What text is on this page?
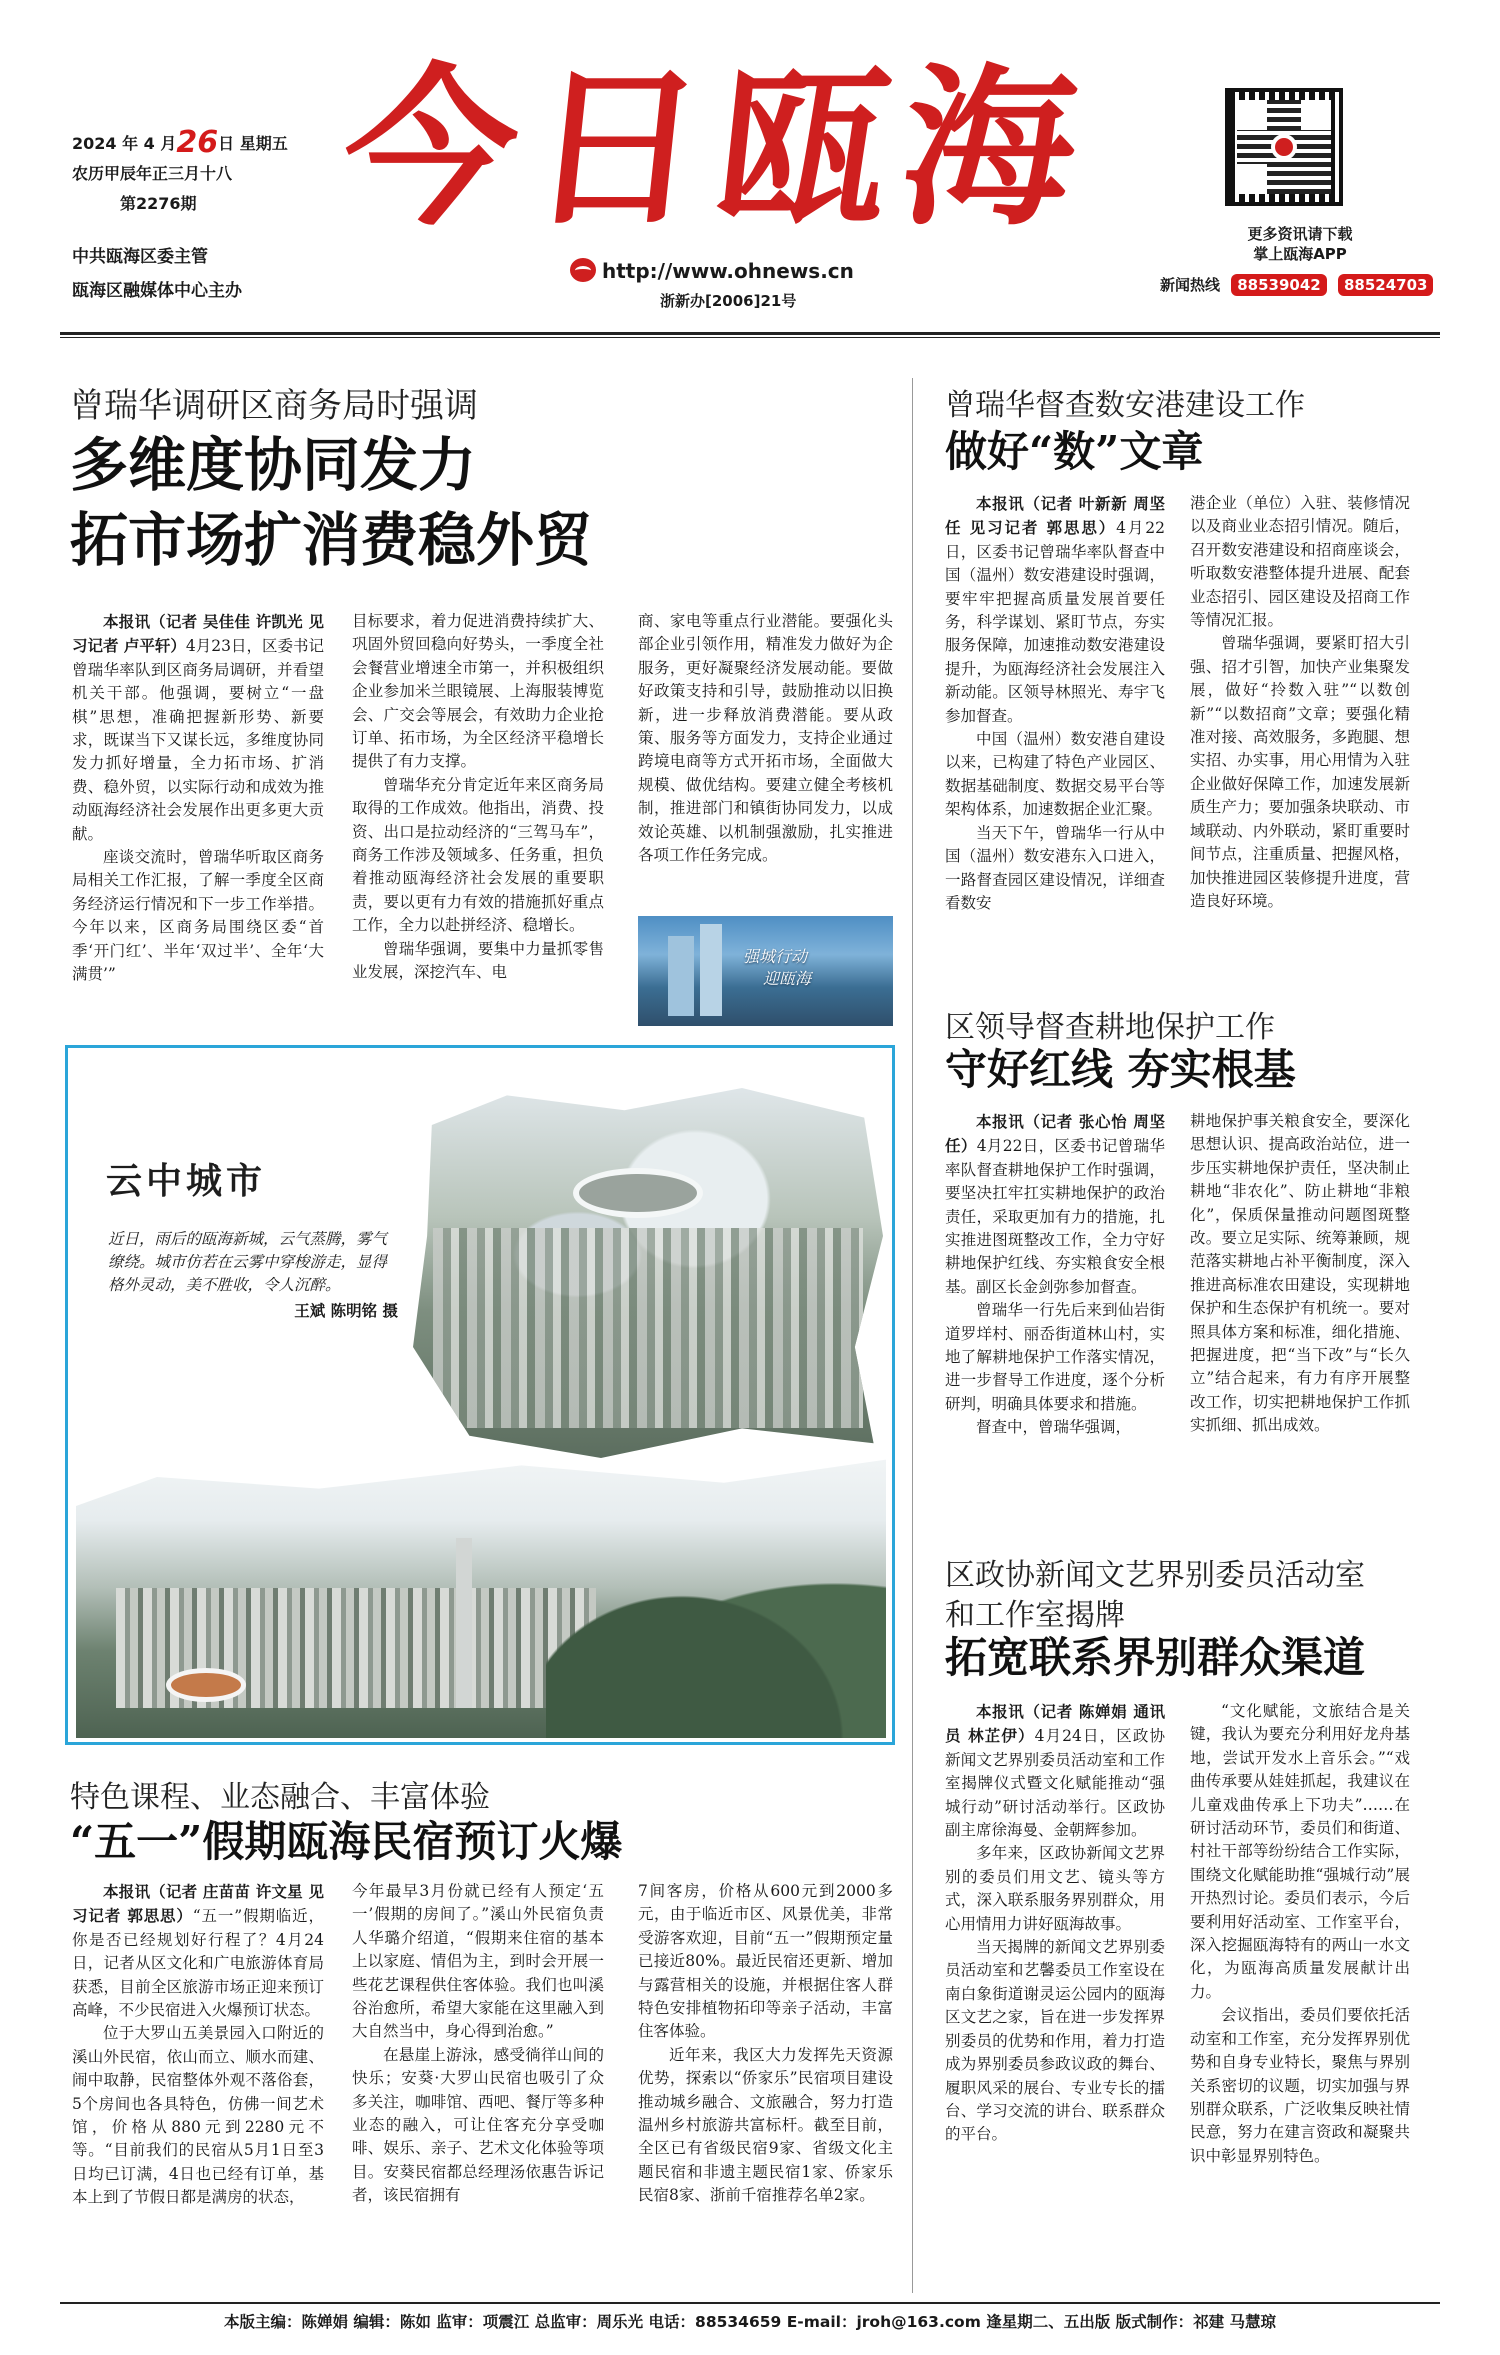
2024 年 4 月26日 星期五
农历甲辰年正三月十八
第2276期
中共瓯海区委主管
瓯海区融媒体中心主办
今日瓯海
http://www.ohnews.cn
浙新办[2006]21号
更多资讯请下载
掌上瓯海APP
新闻热线 88539042 88524703
曾瑞华调研区商务局时强调
多维度协同发力
拓市场扩消费稳外贸

本报讯（记者 吴佳佳 许凯光 见习记者 卢平轩）4月23日，区委书记曾瑞华率队到区商务局调研，并看望机关干部。他强调，要树立“一盘棋”思想，准确把握新形势、新要求，既谋当下又谋长远，多维度协同发力抓好增量，全力拓市场、扩消费、稳外贸，以实际行动和成效为推动瓯海经济社会发展作出更多更大贡献。

座谈交流时，曾瑞华听取区商务局相关工作汇报，了解一季度全区商务经济运行情况和下一步工作举措。今年以来，区商务局围绕区委“首季‘开门红’、半年‘双过半’、全年‘大满贯’”

目标要求，着力促进消费持续扩大、巩固外贸回稳向好势头，一季度全社会餐营业增速全市第一，并积极组织企业参加米兰眼镜展、上海服装博览会、广交会等展会，有效助力企业抢订单、拓市场，为全区经济平稳增长提供了有力支撑。

曾瑞华充分肯定近年来区商务局取得的工作成效。他指出，消费、投资、出口是拉动经济的“三驾马车”，商务工作涉及领域多、任务重，担负着推动瓯海经济社会发展的重要职责，要以更有力有效的措施抓好重点工作，全力以赴拼经济、稳增长。

曾瑞华强调，要集中力量抓零售业发展，深挖汽车、电

商、家电等重点行业潜能。要强化头部企业引领作用，精准发力做好为企服务，更好凝聚经济发展动能。要做好政策支持和引导，鼓励推动以旧换新，进一步释放消费潜能。要从政策、服务等方面发力，支持企业通过跨境电商等方式开拓市场，全面做大规模、做优结构。要建立健全考核机制，推进部门和镇街协同发力，以成效论英雄、以机制强激励，扎实推进各项工作任务完成。

强城行动
迎瓯海
曾瑞华督查数安港建设工作
做好“数”文章

本报讯（记者 叶新新 周坚任 见习记者 郭思思）4月22日，区委书记曾瑞华率队督查中国（温州）数安港建设时强调，要牢牢把握高质量发展首要任务，科学谋划、紧盯节点，夯实服务保障，加速推动数安港建设提升，为瓯海经济社会发展注入新动能。区领导林照光、寿宇飞参加督查。

中国（温州）数安港自建设以来，已构建了特色产业园区、数据基础制度、数据交易平台等架构体系，加速数据企业汇聚。

当天下午，曾瑞华一行从中国（温州）数安港东入口进入，一路督查园区建设情况，详细查看数安

港企业（单位）入驻、装修情况以及商业业态招引情况。随后，召开数安港建设和招商座谈会，听取数安港整体提升进展、配套业态招引、园区建设及招商工作等情况汇报。

曾瑞华强调，要紧盯招大引强、招才引智，加快产业集聚发展，做好“拎数入驻”“以数创新”“以数招商”文章；要强化精准对接、高效服务，多跑腿、想实招、办实事，用心用情为入驻企业做好保障工作，加速发展新质生产力；要加强条块联动、市域联动、内外联动，紧盯重要时间节点，注重质量、把握风格，加快推进园区装修提升进度，营造良好环境。

区领导督查耕地保护工作
守好红线 夯实根基

本报讯（记者 张心怡 周坚任）4月22日，区委书记曾瑞华率队督查耕地保护工作时强调，要坚决扛牢扛实耕地保护的政治责任，采取更加有力的措施，扎实推进图斑整改工作，全力守好耕地保护红线、夯实粮食安全根基。副区长金剑弥参加督查。

曾瑞华一行先后来到仙岩街道罗垟村、丽岙街道林山村，实地了解耕地保护工作落实情况，进一步督导工作进度，逐个分析研判，明确具体要求和措施。

督查中，曾瑞华强调，

耕地保护事关粮食安全，要深化思想认识、提高政治站位，进一步压实耕地保护责任，坚决制止耕地“非农化”、防止耕地“非粮化”，保质保量推动问题图斑整改。要立足实际、统筹兼顾，规范落实耕地占补平衡制度，深入推进高标准农田建设，实现耕地保护和生态保护有机统一。要对照具体方案和标准，细化措施、把握进度，把“当下改”与“长久立”结合起来，有力有序开展整改工作，切实把耕地保护工作抓实抓细、抓出成效。

云中城市
近日，雨后的瓯海新城，云气蒸腾，雾气缭绕。城市仿若在云雾中穿梭游走，显得格外灵动，美不胜收，令人沉醉。
王斌 陈明铭 摄
特色课程、业态融合、丰富体验
“五一”假期瓯海民宿预订火爆

本报讯（记者 庄苗苗 许文星 见习记者 郭思思）“五一”假期临近，你是否已经规划好行程了？4月24日，记者从区文化和广电旅游体育局获悉，目前全区旅游市场正迎来预订高峰，不少民宿进入火爆预订状态。

位于大罗山五美景园入口附近的溪山外民宿，依山而立、顺水而建、闹中取静，民宿整体外观不落俗套，5个房间也各具特色，仿佛一间艺术馆，价格从880元到2280元不等。“目前我们的民宿从5月1日至3日均已订满，4日也已经有订单，基本上到了节假日都是满房的状态，

今年最早3月份就已经有人预定‘五一’假期的房间了。”溪山外民宿负责人华璐介绍道，“假期来住宿的基本上以家庭、情侣为主，到时会开展一些花艺课程供住客体验。我们也叫溪谷治愈所，希望大家能在这里融入到大自然当中，身心得到治愈。”

在悬崖上游泳，感受徜徉山间的快乐；安葵·大罗山民宿也吸引了众多关注，咖啡馆、西吧、餐厅等多种业态的融入，可让住客充分享受咖啡、娱乐、亲子、艺术文化体验等项目。安葵民宿都总经理汤依惠告诉记者，该民宿拥有

7间客房，价格从600元到2000多元，由于临近市区、风景优美，非常受游客欢迎，目前“五一”假期预定量已接近80%。最近民宿还更新、增加与露营相关的设施，并根据住客人群特色安排植物拓印等亲子活动，丰富住客体验。

近年来，我区大力发挥先天资源优势，探索以“侨家乐”民宿项目建设推动城乡融合、文旅融合，努力打造温州乡村旅游共富标杆。截至目前，全区已有省级民宿9家、省级文化主题民宿和非遗主题民宿1家、侨家乐民宿8家、浙前千宿推荐名单2家。

区政协新闻文艺界别委员活动室
和工作室揭牌
拓宽联系界别群众渠道

本报讯（记者 陈婵娟 通讯员 林芷伊）4月24日，区政协新闻文艺界别委员活动室和工作室揭牌仪式暨文化赋能推动“强城行动”研讨活动举行。区政协副主席徐海曼、金朝辉参加。

多年来，区政协新闻文艺界别的委员们用文艺、镜头等方式，深入联系服务界别群众，用心用情用力讲好瓯海故事。

当天揭牌的新闻文艺界别委员活动室和艺馨委员工作室设在南白象街道谢灵运公园内的瓯海区文艺之家，旨在进一步发挥界别委员的优势和作用，着力打造成为界别委员参政议政的舞台、履职风采的展台、专业专长的擂台、学习交流的讲台、联系群众的平台。

“文化赋能，文旅结合是关键，我认为要充分利用好龙舟基地，尝试开发水上音乐会。”“戏曲传承要从娃娃抓起，我建议在儿童戏曲传承上下功夫”……在研讨活动环节，委员们和街道、村社干部等纷纷结合工作实际，围绕文化赋能助推“强城行动”展开热烈讨论。委员们表示，今后要利用好活动室、工作室平台，深入挖掘瓯海特有的两山一水文化，为瓯海高质量发展献计出力。

会议指出，委员们要依托活动室和工作室，充分发挥界别优势和自身专业特长，聚焦与界别关系密切的议题，切实加强与界别群众联系，广泛收集反映社情民意，努力在建言资政和凝聚共识中彰显界别特色。

本版主编：陈婵娟 编辑：陈如 监审：项震江 总监审：周乐光 电话：88534659 E-mail：jroh@163.com 逢星期二、五出版 版式制作：祁建 马慧琼
